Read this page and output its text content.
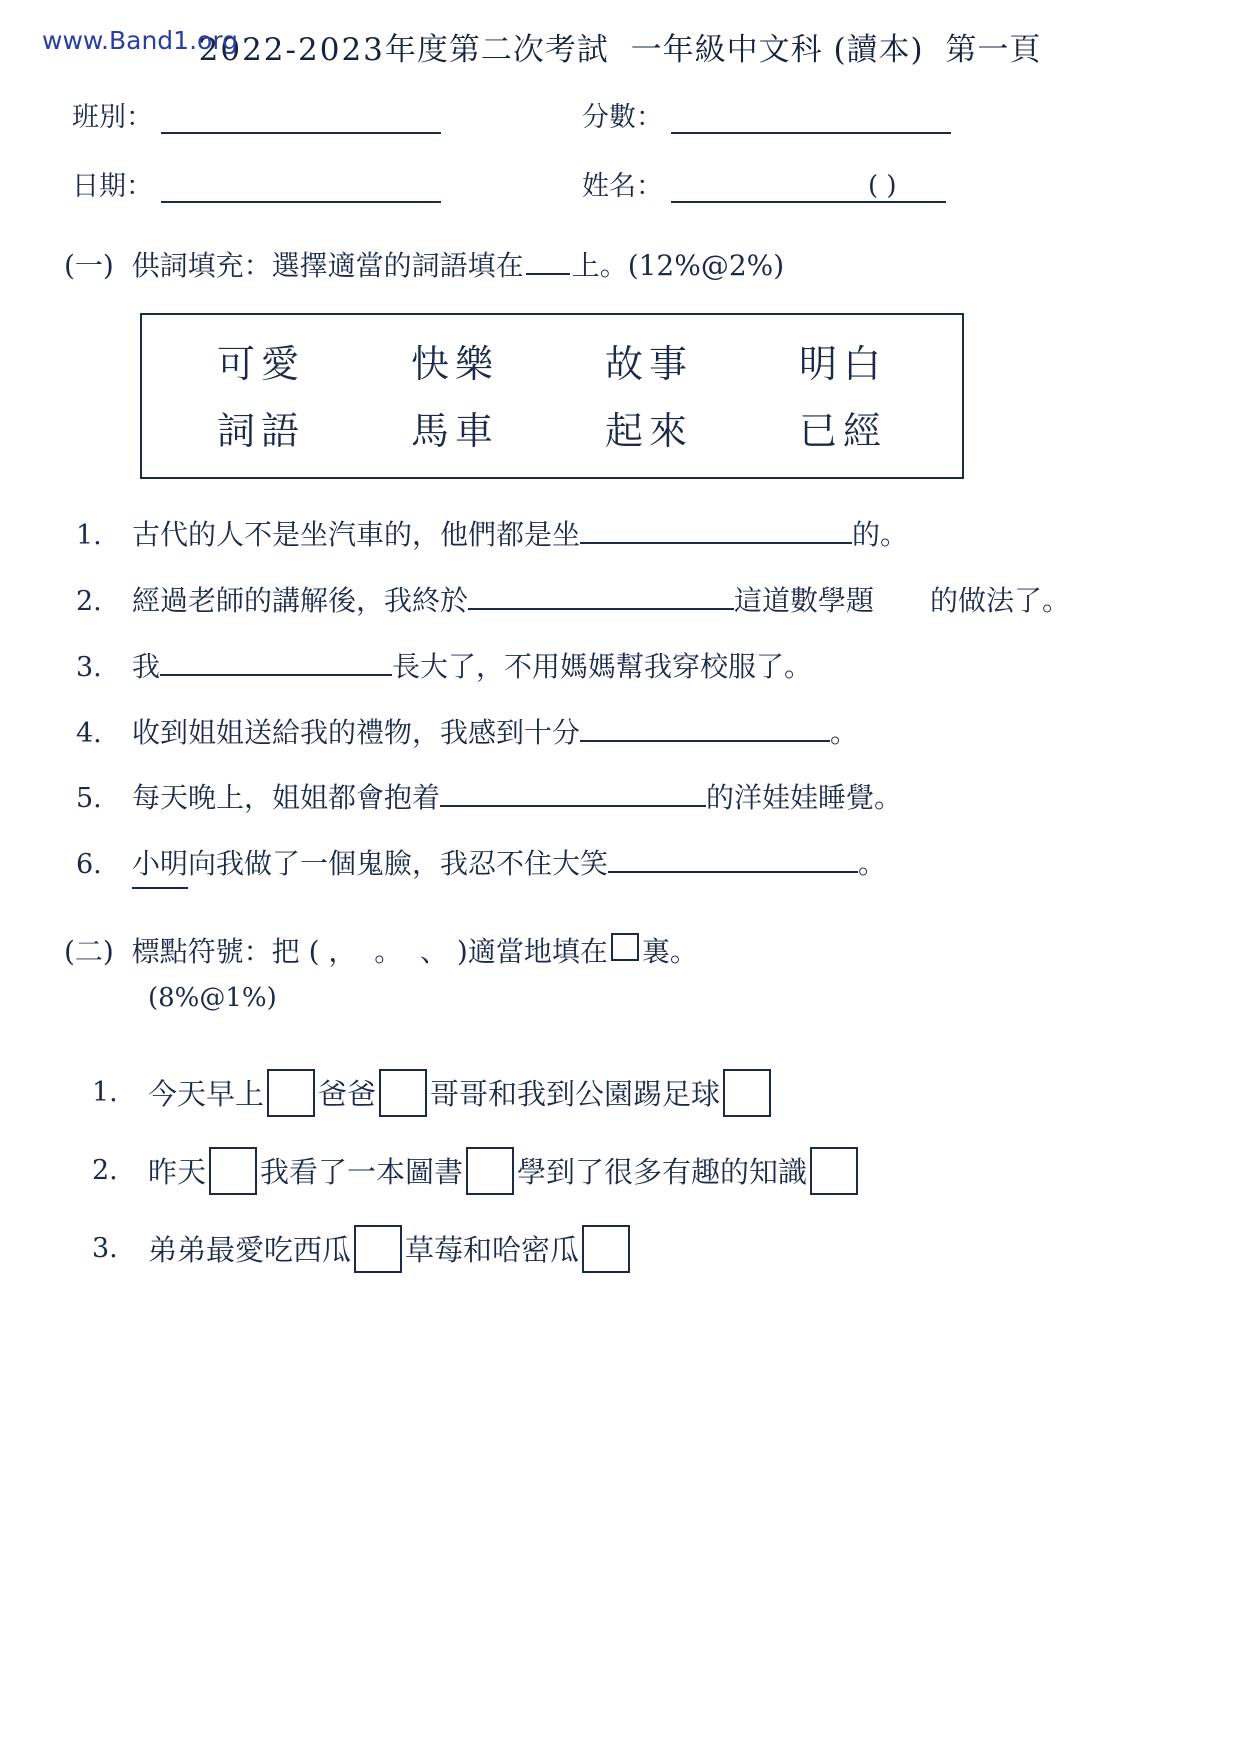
www.Band1.org
2022-2023 年度第二次考試
一年級中文科 (讀本)
第一頁
班別：	分數：
日期：	姓名：	( )
(一)
供詞填充：選擇適當的詞語填在 上。(12%@2%)
可愛	快樂	故事	明白
詞語	馬車	起來	已經
1.	古代的人不是坐汽車的，他們都是坐	的。
2.	經過老師的講解後，我終於	這道數學題	的做法了。
3.	我	長大了，不用媽媽幫我穿校服了。
4.	收到姐姐送給我的禮物，我感到十分	。
5.	每天晚上，姐姐都會抱着	的洋娃娃睡覺。
6.	小明 向我做了一個鬼臉，我忍不住大笑	。
(二)
標點符號：把 ( ，  。  、 )適當地填在 裏。
(8%@1%)
1.	今天早上 爸爸 哥哥和我到公園踢足球
2.	昨天 我看了一本圖書 學到了很多有趣的知識
3.	弟弟最愛吃西瓜 草莓和哈密瓜
